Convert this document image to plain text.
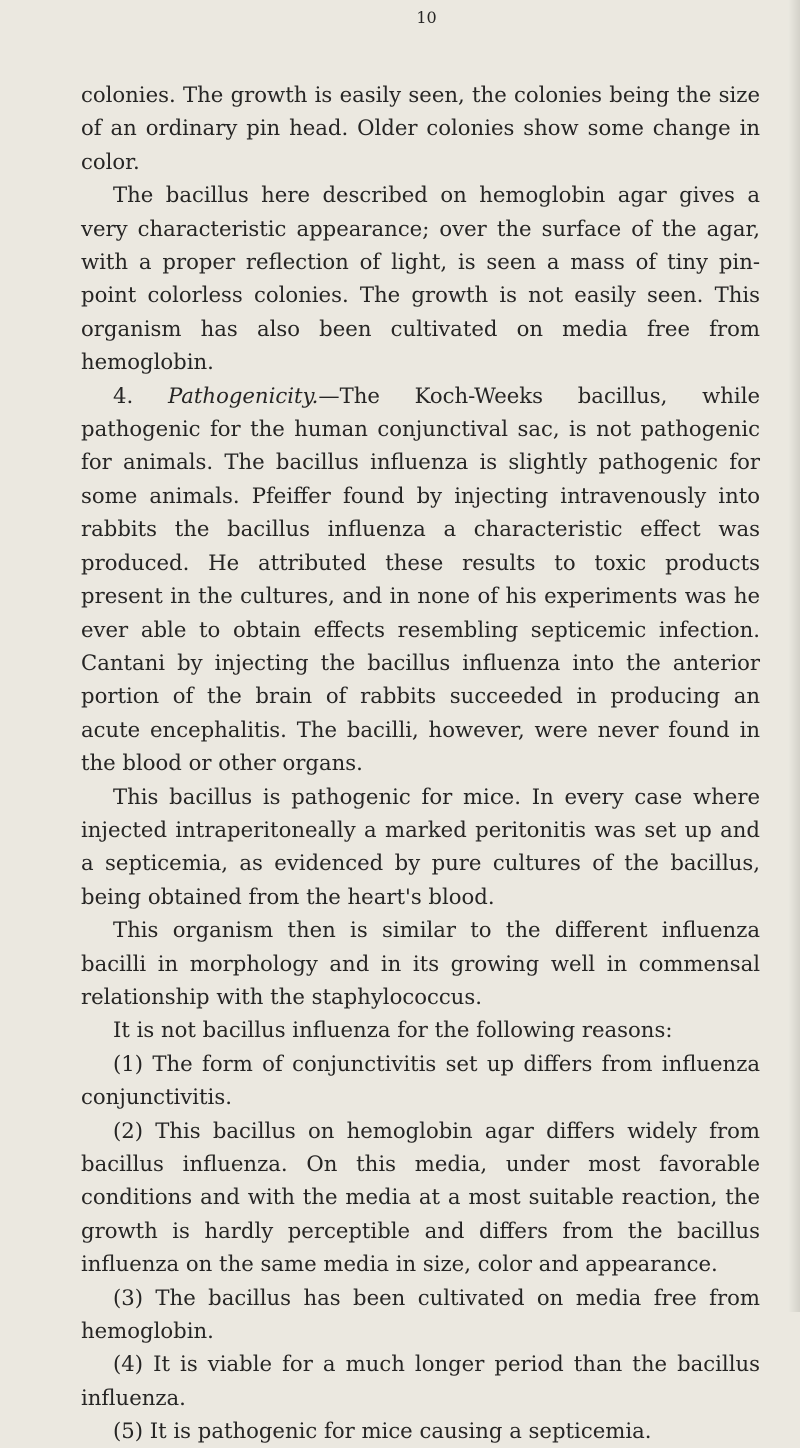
10

colonies. The growth is easily seen, the colonies being the size of an ordinary pin head. Older colonies show some change in color.

The bacillus here described on hemoglobin agar gives a very characteristic appearance; over the surface of the agar, with a proper reflection of light, is seen a mass of tiny pin-point colorless colonies. The growth is not easily seen. This organism has also been cultivated on media free from hemoglobin.

4. Pathogenicity.—The Koch-Weeks bacillus, while pathogenic for the human conjunctival sac, is not pathogenic for animals. The bacillus influenza is slightly pathogenic for some animals. Pfeiffer found by injecting intravenously into rabbits the bacillus influenza a characteristic effect was produced. He attributed these results to toxic products present in the cultures, and in none of his experiments was he ever able to obtain effects resembling septicemic infection. Cantani by injecting the bacillus influenza into the anterior portion of the brain of rabbits succeeded in producing an acute encephalitis. The bacilli, however, were never found in the blood or other organs.

This bacillus is pathogenic for mice. In every case where injected intraperitoneally a marked peritonitis was set up and a septicemia, as evidenced by pure cultures of the bacillus, being obtained from the heart's blood.

This organism then is similar to the different influenza bacilli in morphology and in its growing well in commensal relationship with the staphylococcus.

It is not bacillus influenza for the following reasons:

(1) The form of conjunctivitis set up differs from influenza conjunctivitis.

(2) This bacillus on hemoglobin agar differs widely from bacillus influenza. On this media, under most favorable conditions and with the media at a most suitable reaction, the growth is hardly perceptible and differs from the bacillus influenza on the same media in size, color and appearance.

(3) The bacillus has been cultivated on media free from hemoglobin.

(4) It is viable for a much longer period than the bacillus influenza.

(5) It is pathogenic for mice causing a septicemia.
